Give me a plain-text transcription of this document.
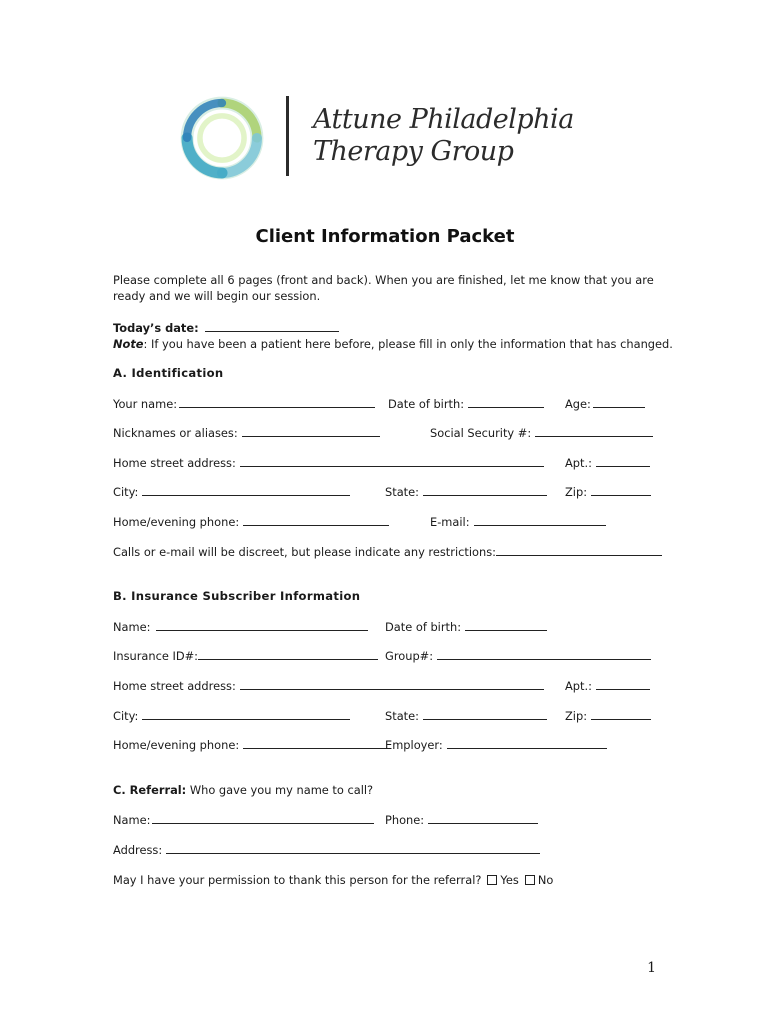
Attune Philadelphia
Therapy Group
Client Information Packet
Please complete all 6 pages (front and back). When you are finished, let me know that you are ready and we will begin our session.
Today’s date:
Note: If you have been a patient here before, please fill in only the information that has changed.
A. Identification
Your name:	Date of birth:	Age:
Nicknames or aliases:	Social Security #:
Home street address:	Apt.:
City:	State:	Zip:
Home/evening phone:	E-mail:
Calls or e-mail will be discreet, but please indicate any restrictions:
B. Insurance Subscriber Information
Name:	Date of birth:
Insurance ID#:	Group#:
Home street address:	Apt.:
City:	State:	Zip:
Home/evening phone:	Employer:
C. Referral: Who gave you my name to call?
Name:	Phone:
Address:
May I have your permission to thank this person for the referral? Yes No
1
